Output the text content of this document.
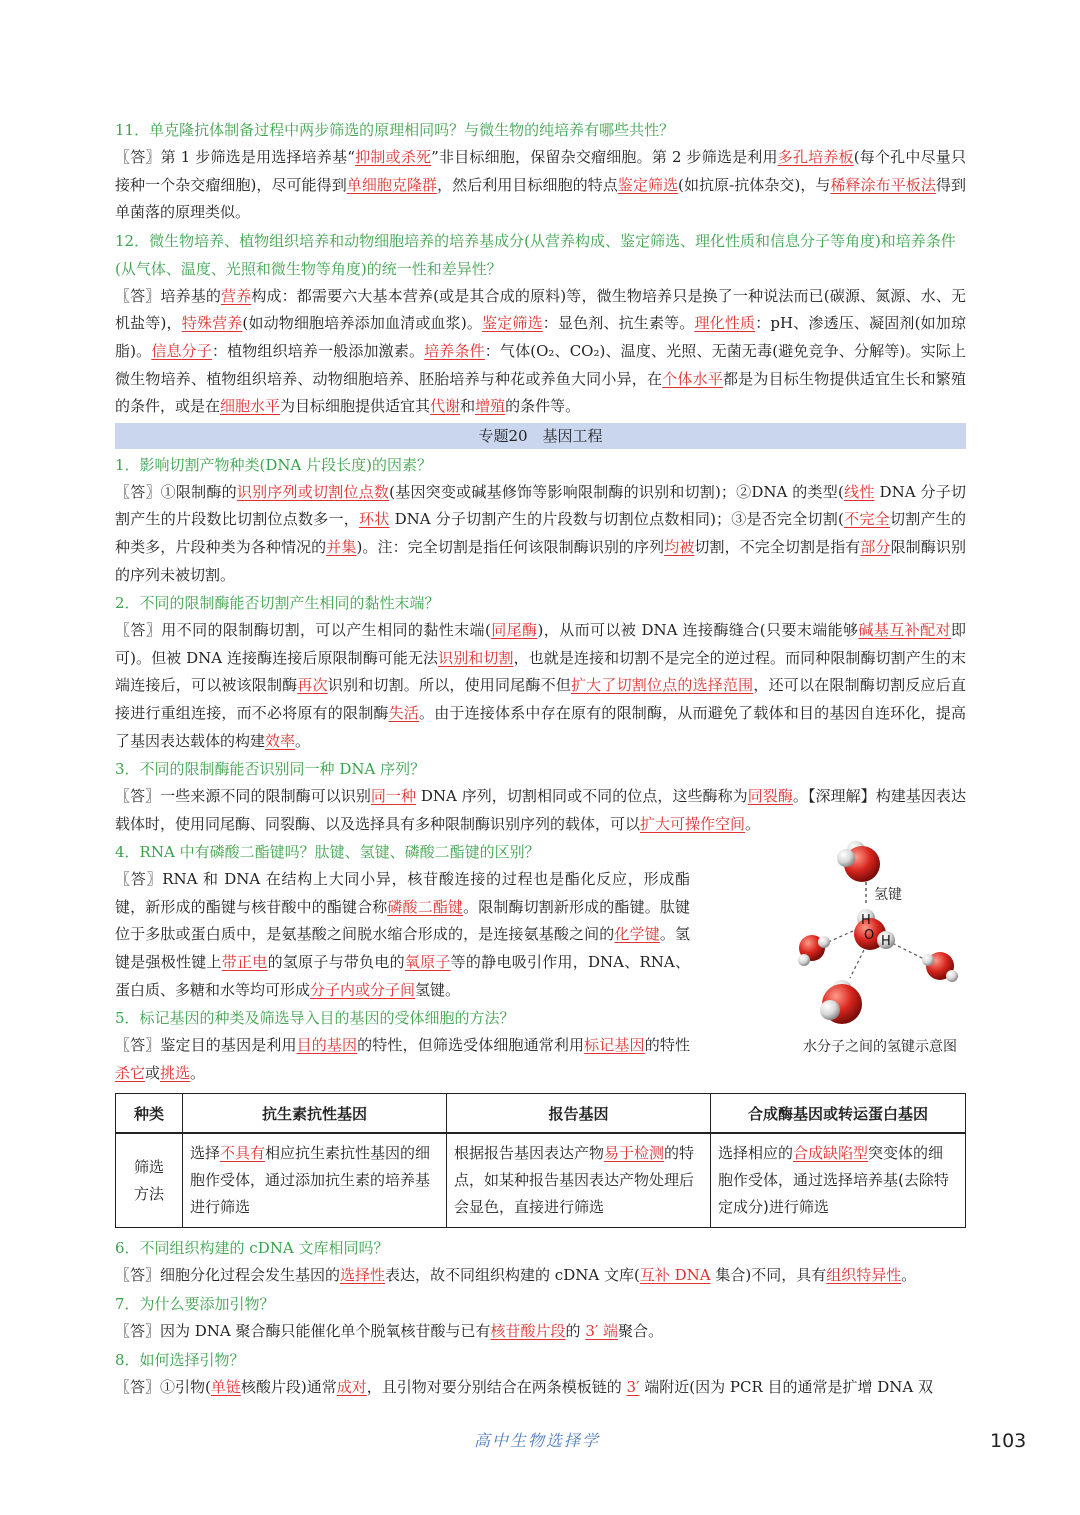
11．单克隆抗体制备过程中两步筛选的原理相同吗？与微生物的纯培养有哪些共性？

〖答〗第 1 步筛选是用选择培养基“抑制或杀死”非目标细胞，保留杂交瘤细胞。第 2 步筛选是利用多孔培养板(每个孔中尽量只接种一个杂交瘤细胞)，尽可能得到单细胞克隆群，然后利用目标细胞的特点鉴定筛选(如抗原-抗体杂交)，与稀释涂布平板法得到单菌落的原理类似。

12．微生物培养、植物组织培养和动物细胞培养的培养基成分(从营养构成、鉴定筛选、理化性质和信息分子等角度)和培养条件(从气体、温度、光照和微生物等角度)的统一性和差异性？

〖答〗培养基的营养构成：都需要六大基本营养(或是其合成的原料)等，微生物培养只是换了一种说法而已(碳源、氮源、水、无机盐等)，特殊营养(如动物细胞培养添加血清或血浆)。鉴定筛选：显色剂、抗生素等。理化性质：pH、渗透压、凝固剂(如加琼脂)。信息分子：植物组织培养一般添加激素。培养条件：气体(O₂、CO₂)、温度、光照、无菌无毒(避免竞争、分解等)。实际上微生物培养、植物组织培养、动物细胞培养、胚胎培养与种花或养鱼大同小异，在个体水平都是为目标生物提供适宜生长和繁殖的条件，或是在细胞水平为目标细胞提供适宜其代谢和增殖的条件等。

专题20　基因工程

1．影响切割产物种类(DNA 片段长度)的因素？

〖答〗①限制酶的识别序列或切割位点数(基因突变或碱基修饰等影响限制酶的识别和切割)；②DNA 的类型(线性 DNA 分子切割产生的片段数比切割位点数多一，环状 DNA 分子切割产生的片段数与切割位点数相同)；③是否完全切割(不完全切割产生的种类多，片段种类为各种情况的并集)。注：完全切割是指任何该限制酶识别的序列均被切割，不完全切割是指有部分限制酶识别的序列未被切割。

2．不同的限制酶能否切割产生相同的黏性末端？

〖答〗用不同的限制酶切割，可以产生相同的黏性末端(同尾酶)，从而可以被 DNA 连接酶缝合(只要末端能够碱基互补配对即可)。但被 DNA 连接酶连接后原限制酶可能无法识别和切割，也就是连接和切割不是完全的逆过程。而同种限制酶切割产生的末端连接后，可以被该限制酶再次识别和切割。所以，使用同尾酶不但扩大了切割位点的选择范围，还可以在限制酶切割反应后直接进行重组连接，而不必将原有的限制酶失活。由于连接体系中存在原有的限制酶，从而避免了载体和目的基因自连环化，提高了基因表达载体的构建效率。

3．不同的限制酶能否识别同一种 DNA 序列？

〖答〗一些来源不同的限制酶可以识别同一种 DNA 序列，切割相同或不同的位点，这些酶称为同裂酶。【深理解】构建基因表达载体时，使用同尾酶、同裂酶、以及选择具有多种限制酶识别序列的载体，可以扩大可操作空间。

4．RNA 中有磷酸二酯键吗？肽键、氢键、磷酸二酯键的区别？

〖答〗RNA 和 DNA 在结构上大同小异，核苷酸连接的过程也是酯化反应，形成酯键，新形成的酯键与核苷酸中的酯键合称磷酸二酯键。限制酶切割新形成的酯键。肽键位于多肽或蛋白质中，是氨基酸之间脱水缩合形成的，是连接氨基酸之间的化学键。氢键是强极性键上带正电的氢原子与带负电的氧原子等的静电吸引作用，DNA、RNA、蛋白质、多糖和水等均可形成分子内或分子间氢键。

5．标记基因的种类及筛选导入目的基因的受体细胞的方法？

〖答〗鉴定目的基因是利用目的基因的特性，但筛选受体细胞通常利用标记基因的特性杀它或挑选。

氢键
H
O H
水分子之间的氢键示意图
种类	抗生素抗性基因	报告基因	合成酶基因或转运蛋白基因
筛选方法	选择不具有相应抗生素抗性基因的细胞作受体，通过添加抗生素的培养基进行筛选	根据报告基因表达产物易于检测的特点，如某种报告基因表达产物处理后会显色，直接进行筛选	选择相应的合成缺陷型突变体的细胞作受体，通过选择培养基(去除特定成分)进行筛选

6．不同组织构建的 cDNA 文库相同吗？

〖答〗细胞分化过程会发生基因的选择性表达，故不同组织构建的 cDNA 文库(互补 DNA 集合)不同，具有组织特异性。

7．为什么要添加引物？

〖答〗因为 DNA 聚合酶只能催化单个脱氧核苷酸与已有核苷酸片段的 3′ 端聚合。

8．如何选择引物？

〖答〗①引物(单链核酸片段)通常成对，且引物对要分别结合在两条模板链的 3′ 端附近(因为 PCR 目的通常是扩增 DNA 双

高中生物选择学	103
